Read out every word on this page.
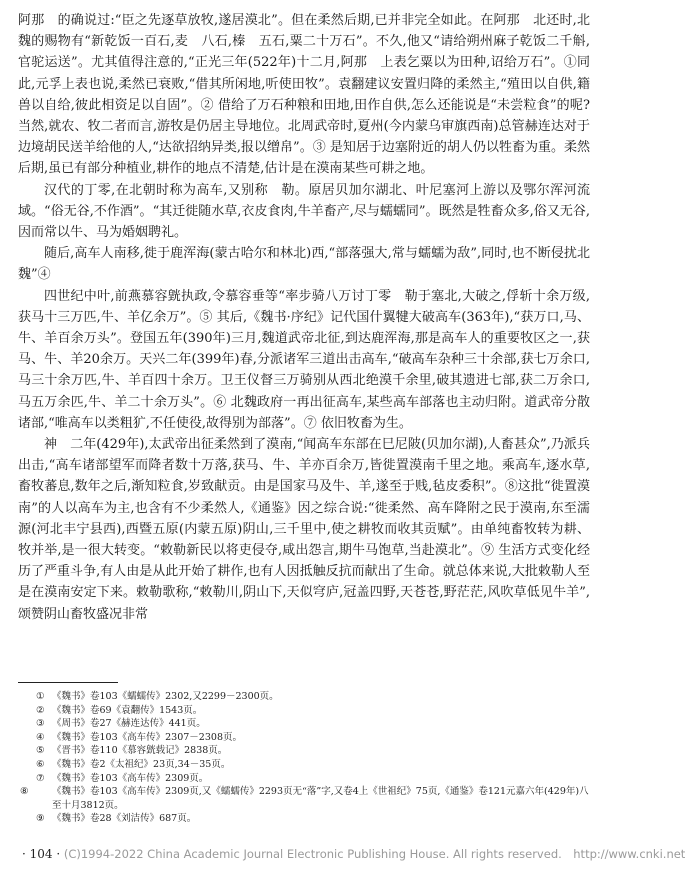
阿那　的确说过:“臣之先逐草放牧,遂居漠北”。但在柔然后期,已并非完全如此。在阿那　北还时,北魏的赐物有“新乾饭一百石,麦　八石,榛　五石,粟二十万石”。不久,他又“请给朔州麻子乾饭二千斛,官驼运送”。尤其值得注意的,“正光三年(522年)十二月,阿那　上表乞粟以为田种,诏给万石”。①同此,元孚上表也说,柔然已衰败,“借其所闲地,听使田牧”。袁翻建议安置归降的柔然主,“殖田以自供,籍兽以自给,彼此相资足以自固”。② 借给了万石种粮和田地,田作自供,怎么还能说是“未尝粒食”的呢? 当然,就农、牧二者而言,游牧是仍居主导地位。北周武帝时,夏州(今内蒙乌审旗西南)总管赫连达对于边境胡民送羊给他的人,“达欲招纳异类,报以缯帛”。③ 是知居于边塞附近的胡人仍以牲畜为重。柔然后期,虽已有部分种植业,耕作的地点不清楚,估计是在漠南某些可耕之地。

汉代的丁零,在北朝时称为高车,又别称　勒。原居贝加尔湖北、叶尼塞河上游以及鄂尔浑河流域。“俗无谷,不作酒”。“其迁徙随水草,衣皮食肉,牛羊畜产,尽与蠕蠕同”。既然是牲畜众多,俗又无谷,因而常以牛、马为婚姻聘礼。

随后,高车人南移,徙于鹿浑海(蒙古哈尔和林北)西,“部落强大,常与蠕蠕为敌”,同时,也不断侵扰北魏”④

四世纪中叶,前燕慕容皝执政,令慕容垂等“率步骑八万讨丁零　勒于塞北,大破之,俘斩十余万级,获马十三万匹,牛、羊亿余万”。⑤ 其后,《魏书·序纪》记代国什翼犍大破高车(363年),“获万口,马、牛、羊百余万头”。登国五年(390年)三月,魏道武帝北征,到达鹿浑海,那是高车人的重要牧区之一,获马、牛、羊20余万。天兴二年(399年)春,分派诸军三道出击高车,“破高车杂种三十余部,获七万余口,马三十余万匹,牛、羊百四十余万。卫王仪督三万骑别从西北绝漠千余里,破其遗进七部,获二万余口,马五万余匹,牛、羊二十余万头”。⑥ 北魏政府一再出征高车,某些高车部落也主动归附。道武帝分散诸部,“唯高车以类粗犷,不任使役,故得别为部落”。⑦ 依旧牧畜为生。

神　二年(429年),太武帝出征柔然到了漠南,“闻高车东部在巳尼陂(贝加尔湖),人畜甚众”,乃派兵出击,“高车诸部望军而降者数十万落,获马、牛、羊亦百余万,皆徙置漠南千里之地。乘高车,逐水草,畜牧蕃息,数年之后,渐知粒食,岁致献贡。由是国家马及牛、羊,遂至于贱,毡皮委积”。⑧这批“徙置漠南”的人以高车为主,也含有不少柔然人,《通鉴》因之综合说:“徙柔然、高车降附之民于漠南,东至濡源(河北丰宁县西),西暨五原(内蒙五原)阴山,三千里中,使之耕牧而收其贡赋”。由单纯畜牧转为耕、牧并举,是一很大转变。“敕勒新民以将吏侵夺,咸出怨言,期牛马饱草,当赴漠北”。⑨ 生活方式变化经历了严重斗争,有人由是从此开始了耕作,也有人因抵触反抗而献出了生命。就总体来说,大批敕勒人至是在漠南安定下来。敕勒歌称,“敕勒川,阴山下,天似穹庐,冠盖四野,天苍苍,野茫茫,风吹草低见牛羊”,颂赞阴山畜牧盛况非常

① 《魏书》卷103《蠕蠕传》2302,又2299－2300页。
② 《魏书》卷69《袁翻传》1543页。
③ 《周书》卷27《赫连达传》441页。
④ 《魏书》卷103《高车传》2307－2308页。
⑤ 《晋书》卷110《慕容皝载记》2838页。
⑥ 《魏书》卷2《太祖纪》23页,34－35页。
⑦ 《魏书》卷103《高车传》2309页。
⑧ 《魏书》卷103《高车传》2309页,又《蠕蠕传》2293页无“落”字,又卷4上《世祖纪》75页,《通鉴》卷121元嘉六年(429年)八至十月3812页。
⑨ 《魏书》卷28《刘洁传》687页。
· 104 · (C)1994-2022 China Academic Journal Electronic Publishing House. All rights reserved.　http://www.cnki.net
